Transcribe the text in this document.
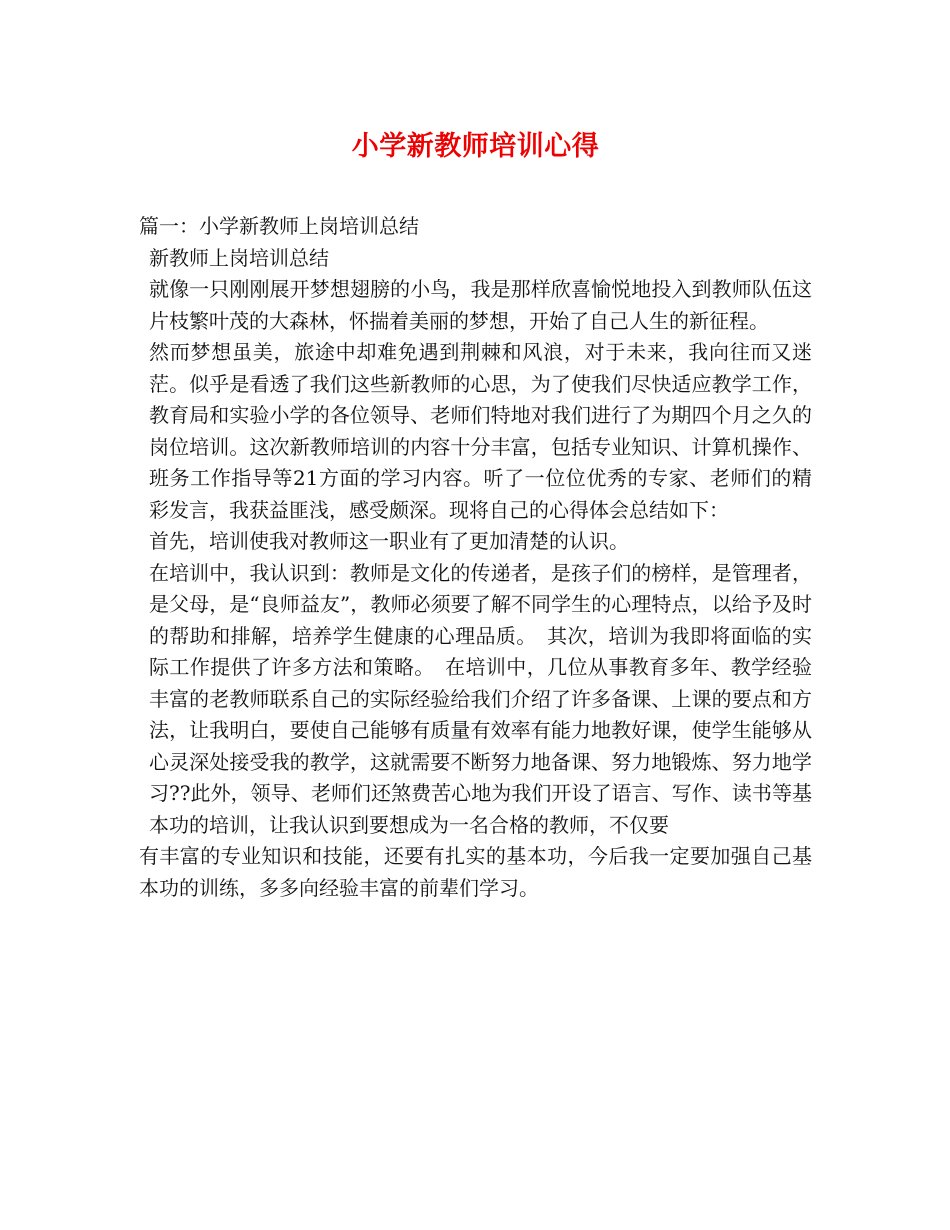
小学新教师培训心得

篇一：小学新教师上岗培训总结

新教师上岗培训总结

就像一只刚刚展开梦想翅膀的小鸟，我是那样欣喜愉悦地投入到教师队伍这片枝繁叶茂的大森林，怀揣着美丽的梦想，开始了自己人生的新征程。

然而梦想虽美，旅途中却难免遇到荆棘和风浪，对于未来，我向往而又迷茫。似乎是看透了我们这些新教师的心思，为了使我们尽快适应教学工作，教育局和实验小学的各位领导、老师们特地对我们进行了为期四个月之久的岗位培训。这次新教师培训的内容十分丰富，包括专业知识、计算机操作、班务工作指导等21方面的学习内容。听了一位位优秀的专家、老师们的精彩发言，我获益匪浅，感受颇深。现将自己的心得体会总结如下：

首先，培训使我对教师这一职业有了更加清楚的认识。

在培训中，我认识到：教师是文化的传递者，是孩子们的榜样，是管理者，是父母，是“良师益友”，教师必须要了解不同学生的心理特点，以给予及时的帮助和排解，培养学生健康的心理品质。　其次，培训为我即将面临的实际工作提供了许多方法和策略。　在培训中，几位从事教育多年、教学经验丰富的老教师联系自己的实际经验给我们介绍了许多备课、上课的要点和方法，让我明白，要使自己能够有质量有效率有能力地教好课，使学生能够从心灵深处接受我的教学，这就需要不断努力地备课、努力地锻炼、努力地学习??此外，领导、老师们还煞费苦心地为我们开设了语言、写作、读书等基本功的培训，让我认识到要想成为一名合格的教师，不仅要

有丰富的专业知识和技能，还要有扎实的基本功，今后我一定要加强自己基本功的训练，多多向经验丰富的前辈们学习。
